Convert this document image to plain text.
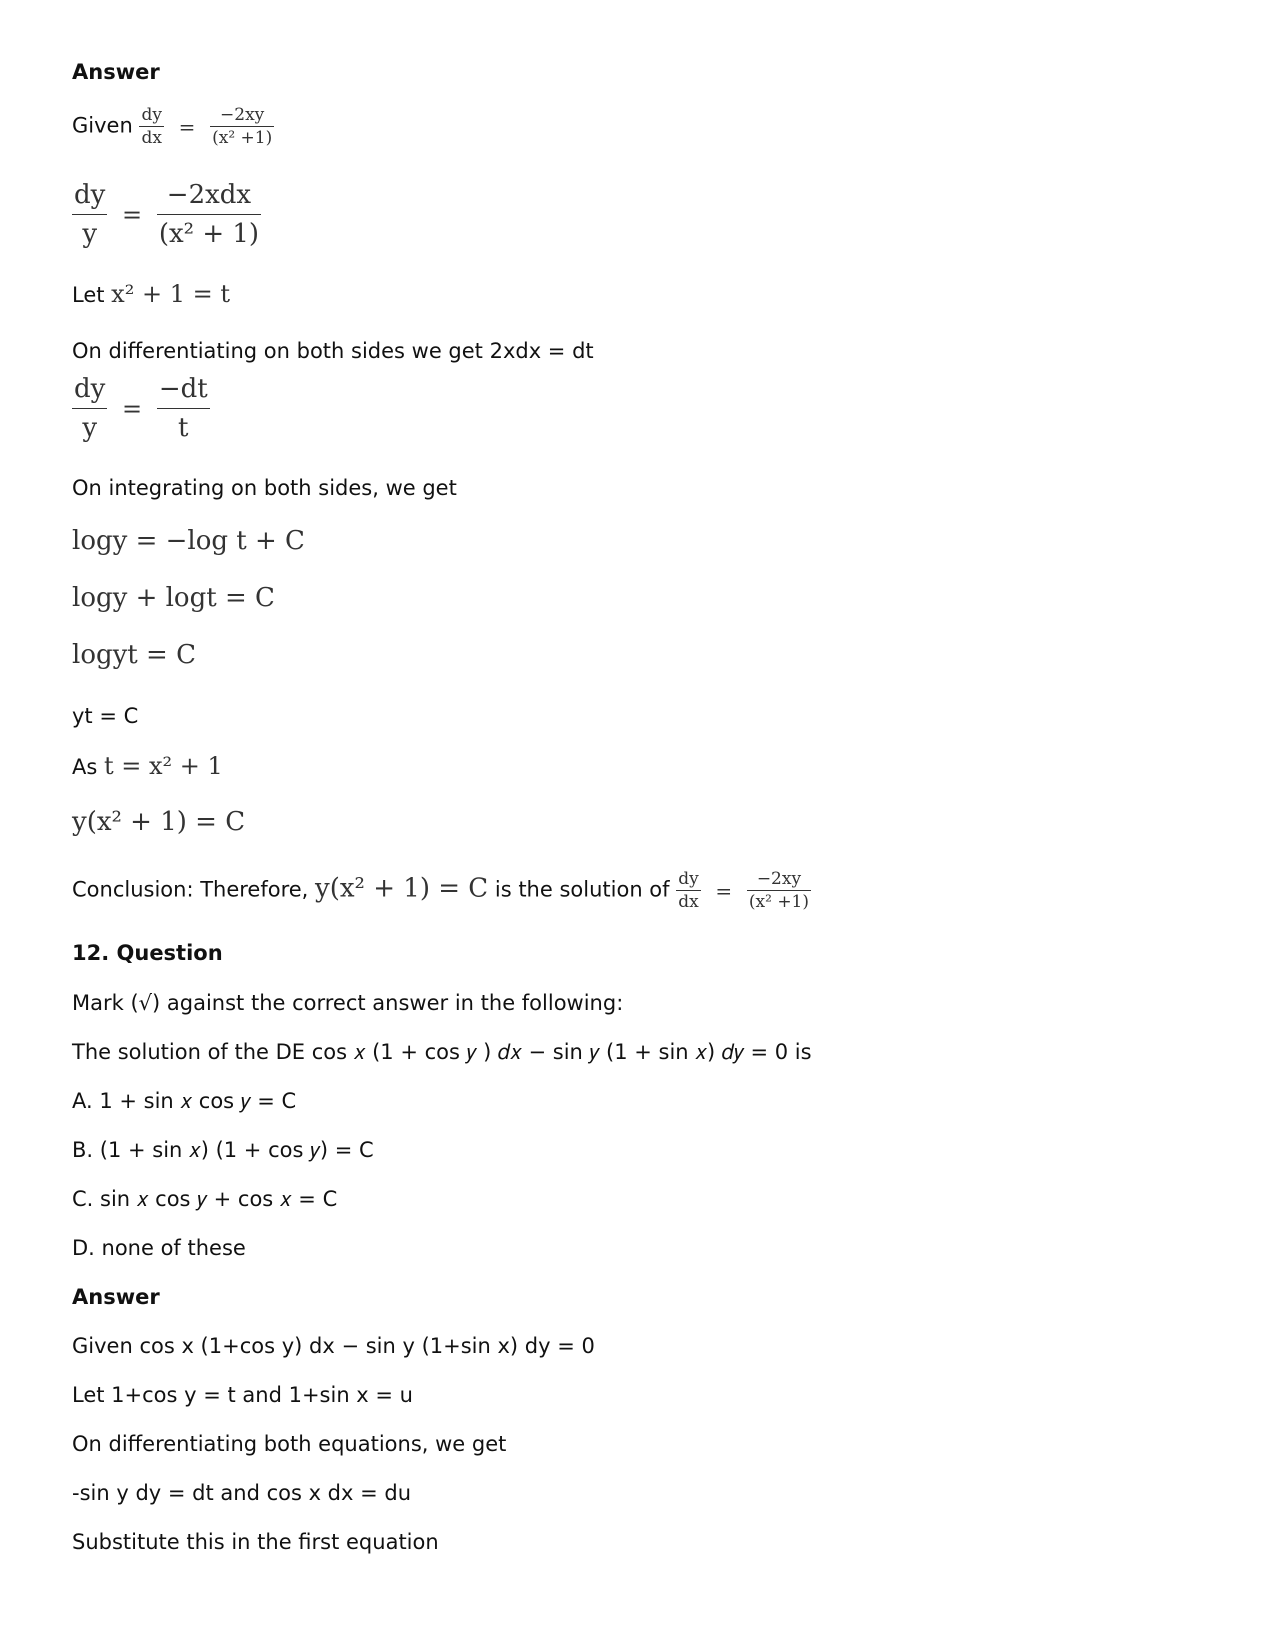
Answer
Given $\frac{dy}{dx} = \frac{-2xy}{\text{(x² +1)}}$
$\frac{dy}{y} = \frac{\text{−2xdx}}{\text{(x² + 1)}}$
Let x² + 1 = t
On differentiating on both sides we get 2xdx = dt
$\frac{dy}{y} = \frac{-dt}{t}$
On integrating on both sides, we get
logy = −log t + C
logy + logt = C
logyt = C
yt = C
As t = x² + 1
y(x² + 1) = C
Conclusion: Therefore, y(x² + 1) = C is the solution of $\frac{dy}{dx} = \frac{-2xy}{\text{(x² +1)}}$
12. Question
Mark (√) against the correct answer in the following:
The solution of the DE cos 𝑥 (1 + cos 𝑦 ) 𝑑𝑥 − sin 𝑦 (1 + sin 𝑥) 𝑑𝑦 = 0 is
A. 1 + sin 𝑥 cos 𝑦 = C
B. (1 + sin 𝑥) (1 + cos 𝑦) = C
C. sin 𝑥 cos 𝑦 + cos 𝑥 = C
D. none of these
Answer
Given cos x (1+cos y) dx − sin y (1+sin x) dy = 0
Let 1+cos y = t and 1+sin x = u
On differentiating both equations, we get
-sin y dy = dt and cos x dx = du
Substitute this in the first equation
